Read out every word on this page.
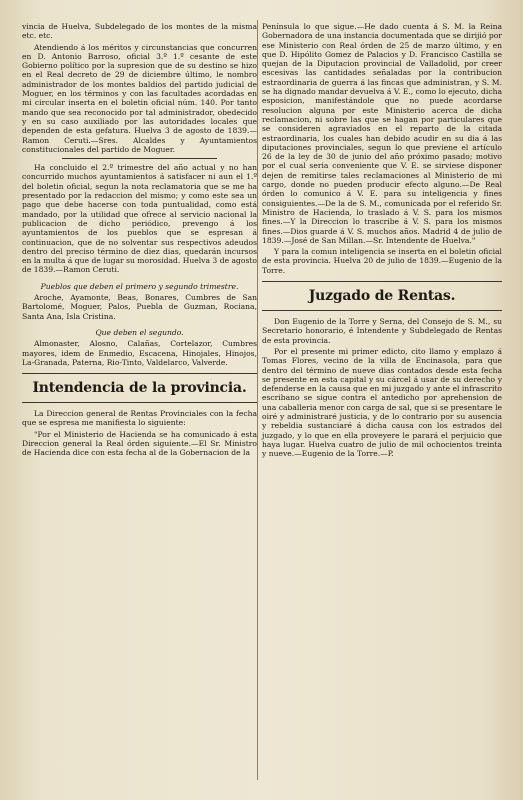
vincia de Huelva, Subdelegado de los montes de la misma etc. etc.

Atendiendo á los méritos y circunstancias que concurren en D. Antonio Barroso, oficial 3.º 1.º cesante de este Gobierno político por la supresion que de su destino se hizo en el Real decreto de 29 de diciembre último, le nombro administrador de los montes baldios del partido judicial de Moguer, en los términos y con las facultades acordadas en mi circular inserta en el boletin oficial núm. 140. Por tanto mando que sea reconocido por tal administrador, obedecido y en su caso auxiliado por las autoridades locales que dependen de esta gefatura. Huelva 3 de agosto de 1839.—Ramon Ceruti.—Sres. Alcaldes y Ayuntamientos constitucionales del partido de Moguer.

Ha concluido el 2.º trimestre del año actual y no han concurrido muchos ayuntamientos á satisfacer ni aun el 1.º del boletin oficial, segun la nota reclamatoria que se me ha presentado por la redaccion del mismo; y como este sea un pago que debe hacerse con toda puntualidad, como está mandado, por la utilidad que ofrece al servicio nacional la publicacion de dicho periódico, prevengo á los ayuntamientos de los pueblos que se espresan á continuacion, que de no solventar sus respectivos adeudos dentro del preciso término de diez dias, quedarán incursos en la multa á que de lugar su morosidad. Huelva 3 de agosto de 1839.—Ramon Ceruti.

Pueblos que deben el primero y segundo trimestre.

Aroche, Ayamonte, Beas, Bonares, Cumbres de San Bartolomé, Moguer, Palos, Puebla de Guzman, Rociana, Santa Ana, Isla Cristina.

Que deben el segundo.

Almonaster, Alosno, Calañas, Cortelazor, Cumbres mayores, idem de Enmedio, Escacena, Hinojales, Hinojos, La-Granada, Paterna, Rio-Tinto, Valdelarco, Valverde.

Intendencia de la provincia.

La Direccion general de Rentas Provinciales con la fecha que se espresa me manifiesta lo siguiente:

"Por el Ministerio de Hacienda se ha comunicado á esta Direccion general la Real órden siguiente.—El Sr. Ministro de Hacienda dice con esta fecha al de la Gobernacion de la

Península lo que sigue.—He dado cuenta á S. M. la Reina Gobernadora de una instancia documentada que se dirijió por ese Ministerio con Real órden de 25 de marzo último, y en que D. Hipólito Gomez de Palacios y D. Francisco Castilla se quejan de la Diputacion provincial de Valladolid, por creer escesivas las cantidades señaladas por la contribucion estraordinaria de guerra á las fincas que administran, y S. M. se ha dignado mandar devuelva á V. E., como lo ejecuto, dicha esposicion, manifestándole que no puede acordarse resolucion alguna por este Ministerio acerca de dicha reclamacion, ni sobre las que se hagan por particulares que se consideren agraviados en el reparto de la citada estraordinaria, los cuales han debido acudir en su dia á las diputaciones provinciales, segun lo que previene el artículo 26 de la ley de 30 de junio del año próximo pasado; motivo por el cual seria conveniente que V. E. se sirviese disponer dejen de remitirse tales reclamaciones al Ministerio de mi cargo, donde no pueden producir efecto alguno.—De Real órden lo comunico á V. E. para su inteligencia y fines consiguientes.—De la de S. M., comunicada por el referido Sr. Ministro de Hacienda, lo traslado á V. S. para los mismos fines.—Y la Direccion lo trascribe á V. S. para los mismos fines.—Dios guarde á V. S. muchos años. Madrid 4 de julio de 1839.—José de San Millan.—Sr. Intendente de Huelva."

Y para la comun inteligencia se inserta en el boletin oficial de esta provincia. Huelva 20 de julio de 1839.—Eugenio de la Torre.

Juzgado de Rentas.

Don Eugenio de la Torre y Serna, del Consejo de S. M., su Secretario honorario, é Intendente y Subdelegado de Rentas de esta provincia.

Por el presente mi primer edicto, cito llamo y emplazo á Tomas Flores, vecino de la villa de Encinasola, para que dentro del término de nueve dias contados desde esta fecha se presente en esta capital y su cárcel á usar de su derecho y defenderse en la causa que en mi juzgado y ante el infrascrito escribano se sigue contra el antedicho por aprehension de una caballeria menor con carga de sal, que si se presentare le oiré y administraré justicia, y de lo contrario por su ausencia y rebeldia sustanciaré á dicha causa con los estrados del juzgado, y lo que en ella proveyere le parará el perjuicio que haya lugar. Huelva cuatro de julio de mil ochocientos treinta y nueve.—Eugenio de la Torre.—P.
